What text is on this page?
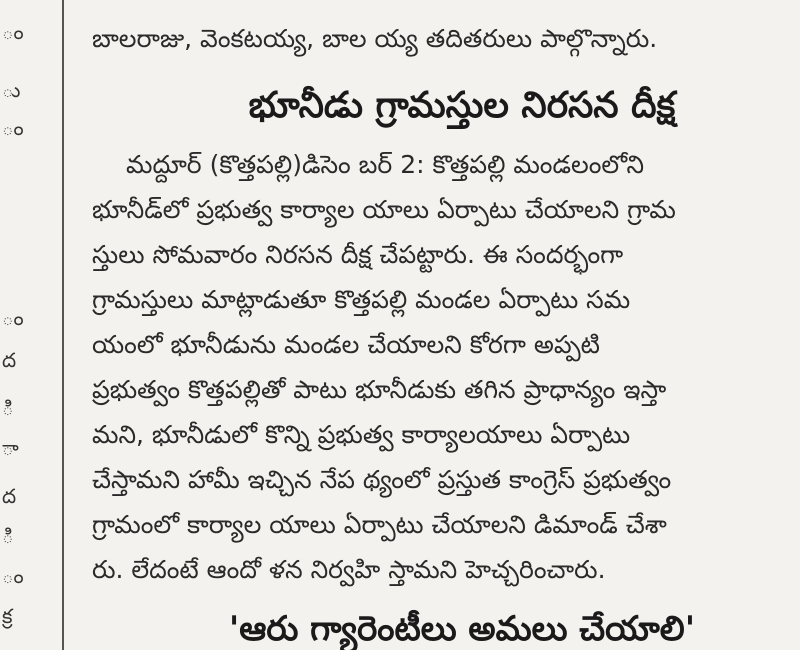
ం
ు
ం
ం
ద
ి
ా
ద
ి
ం
క్ర
బాలరాజు, వెంకటయ్య, బాల య్య తదితరులు పాల్గొన్నారు.
భూనీడు గ్రామస్తుల నిరసన దీక్ష
మద్దూర్ (కొత్తపల్లి)డిసెం బ‌ర్ 2: కొత్తపల్లి మండలంలోని
భూనీడ్‌లో ప్రభుత్వ కార్యాల యాలు ఏర్పాటు చేయాలని గ్రామ
స్తులు సోమవారం నిరసన దీక్ష చేపట్టారు. ఈ సందర్భంగా
గ్రామస్తులు మాట్లాడుతూ కొత్తపల్లి మండల ఏర్పాటు సమ
యంలో భూనీడును మండల చేయాలని కోరగా అప్పటి
ప్రభుత్వం కొత్తపల్లితో పాటు భూనీడుకు తగిన ప్రాధాన్యం ఇస్తా
మని, భూనీడులో కొన్ని ప్రభుత్వ కార్యాలయాలు ఏర్పాటు
చేస్తామని హామీ ఇచ్చిన నేప థ్యంలో ప్రస్తుత కాంగ్రెస్ ప్రభుత్వం
గ్రామంలో కార్యాల యాలు ఏర్పాటు చేయాలని డిమాండ్ చేశా
రు. లేదంటే ఆందో ళన నిర్వహి స్తామని హెచ్చరించారు.
'ఆరు గ్యారెంటీలు అమలు చేయాలి'
